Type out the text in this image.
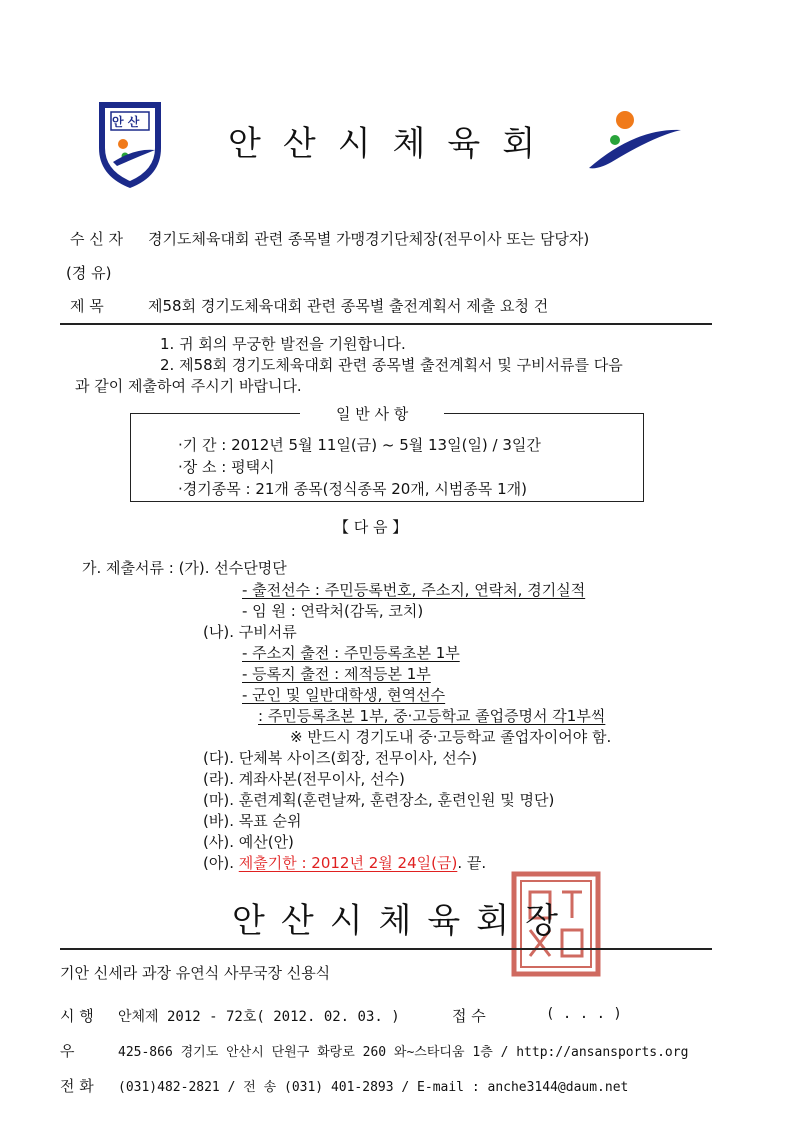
안 산
안산시체육회
수 신 자 경기도체육대회 관련 종목별 가맹경기단체장(전무이사 또는 담당자)
(경 유)
제 목	제58회 경기도체육대회 관련 종목별 출전계획서 제출 요청 건
1. 귀 회의 무궁한 발전을 기원합니다.
2. 제58회 경기도체육대회 관련 종목별 출전계획서 및 구비서류를 다음
과 같이 제출하여 주시기 바랍니다.
일 반 사 항
·기 간 : 2012년 5월 11일(금) ~ 5월 13일(일) / 3일간
·장 소 : 평택시
·경기종목 : 21개 종목(정식종목 20개, 시범종목 1개)
【 다 음 】
가. 제출서류 : (가). 선수단명단
- 출전선수 : 주민등록번호, 주소지, 연락처, 경기실적
- 임 원 : 연락처(감독, 코치)
(나). 구비서류
- 주소지 출전 : 주민등록초본 1부
- 등록지 출전 : 제적등본 1부
- 군인 및 일반대학생, 현역선수
: 주민등록초본 1부, 중·고등학교 졸업증명서 각1부씩
※ 반드시 경기도내 중·고등학교 졸업자이어야 함.
(다). 단체복 사이즈(회장, 전무이사, 선수)
(라). 계좌사본(전무이사, 선수)
(마). 훈련계획(훈련날짜, 훈련장소, 훈련인원 및 명단)
(바). 목표 순위
(사). 예산(안)
(아). 제출기한 : 2012년 2월 24일(금). 끝.
안산시체육회장
기안 신세라 과장 유연식 사무국장 신용식
시 행 안체제 2012 - 72호( 2012. 02. 03. )	접 수	( . . . )
우	425-866 경기도 안산시 단원구 화랑로 260 와~스타디움 1층 / http://ansansports.org
전 화 (031)482-2821 / 전 송 (031) 401-2893 / E-mail : anche3144@daum.net
